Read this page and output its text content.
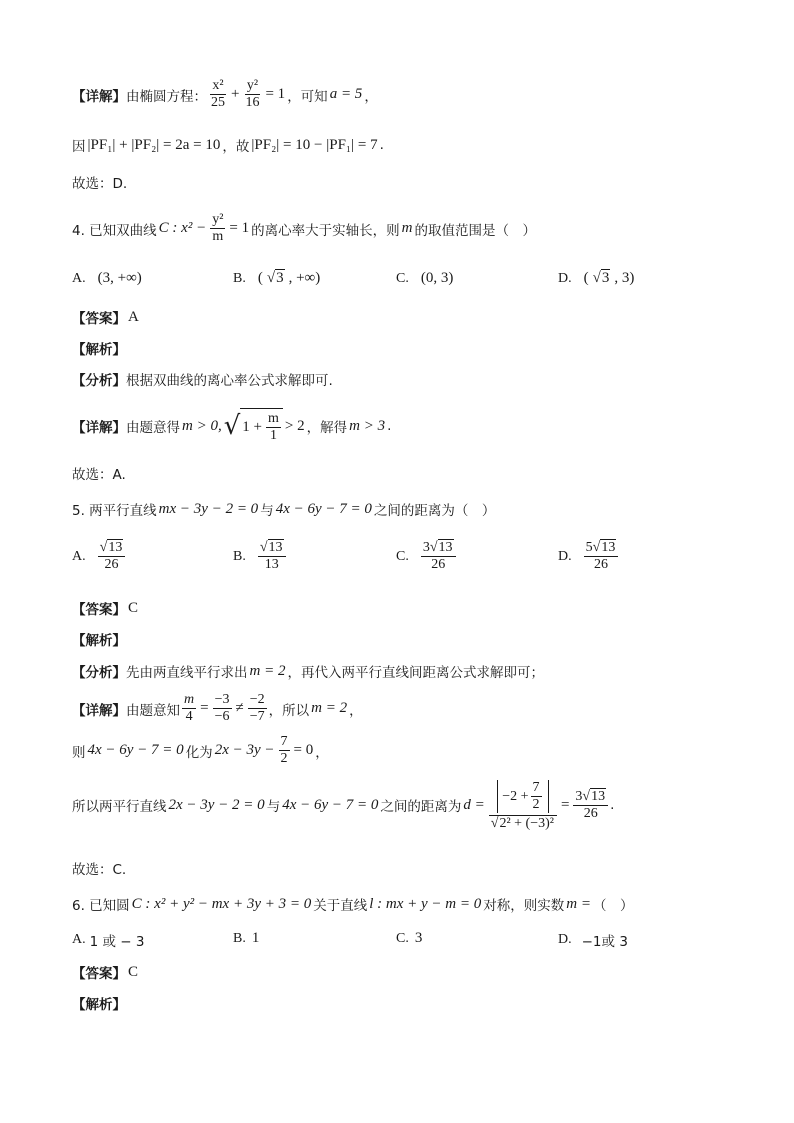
【详解】 由椭圆方程： $\frac{\text{x²}}{25} + \frac{\text{y²}}{16} = 1$ ，可知 a = 5 ，
因 |PF₁| + |PF₂| = 2a = 10 ，故 |PF₂| = 10 − |PF₁| = 7 .
故选：D.
4. 已知双曲线 C : $x^2 - \frac{\text{y²}}{m} = 1$ 的离心率大于实轴长，则 m 的取值范围是（　）
A. (3, +∞)	B. ( √3 , +∞)	C. (0, 3)	D. ( √3 , 3)
【答案】 A
【解析】
【分析】 根据双曲线的离心率公式求解即可.
【详解】 由题意得 m > 0, √ $1 + \frac{m}{1} > 2$ ，解得 m > 3 .
故选：A.
5. 两平行直线 mx − 3y − 2 = 0 与 4x − 6y − 7 = 0 之间的距离为（　）
A. $\frac{√13}{26}$	B. $\frac{√13}{13}$	C. $\frac{3√13}{26}$	D. $\frac{5√13}{26}$
【答案】 C
【解析】
【分析】 先由两直线平行求出 m = 2 ，再代入两平行直线间距离公式求解即可；
【详解】 由题意知 $\frac{m}{4} = \frac{-3}{-6} \ne \frac{-2}{-7}$ ，所以 m = 2 ，
则 4x − 6y − 7 = 0 化为 $2x - 3y - \frac{7}{2} = 0$ ，
所以两平行直线 2x − 3y − 2 = 0 与 4x − 6y − 7 = 0 之间的距离为 $d = \frac{-2 + \frac{7}{2}}{\text{√2² + (−3)²}} = \frac{3√13}{26}$ .
故选：C.
6. 已知圆 C : x² + y² − mx + 3y + 3 = 0 关于直线 l : mx + y − m = 0 对称，则实数 m = （　）
A. 1 或 − 3	B. 1	C. 3	D. −1或 3
【答案】 C
【解析】
